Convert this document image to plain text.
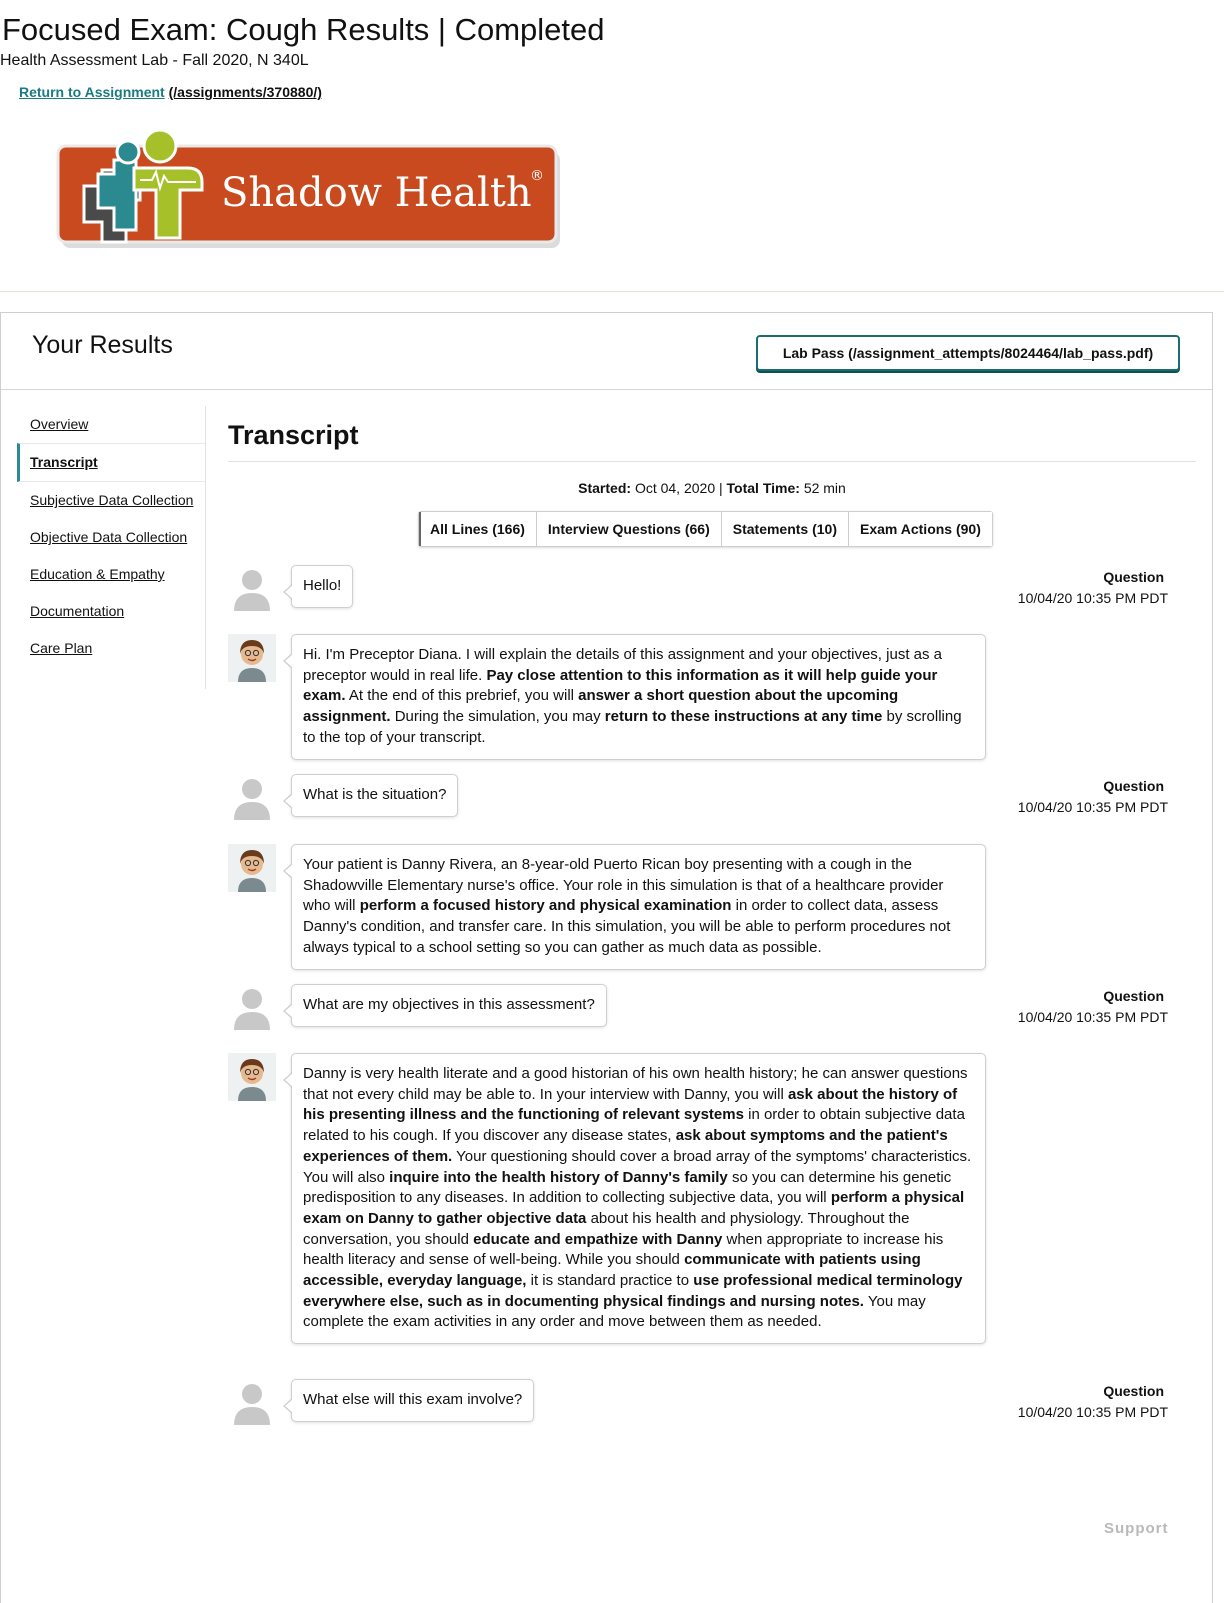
Focused Exam: Cough Results | Completed
Health Assessment Lab - Fall 2020, N 340L
Return to Assignment (/assignments/370880/)
Shadow Health
®
Your Results	Lab Pass (/assignment_attempts/8024464/lab_pass.pdf)
Overview
Transcript
Subjective Data Collection
Objective Data Collection
Education & Empathy
Documentation
Care Plan
Transcript
Started: Oct 04, 2020 | Total Time: 52 min
All Lines (166)	Interview Questions (66)	Statements (10)	Exam Actions (90)
Hello!	Question
10/04/20 10:35 PM PDT
Hi. I'm Preceptor Diana. I will explain the details of this assignment and your objectives, just as a preceptor would in real life. Pay close attention to this information as it will help guide your exam. At the end of this prebrief, you will answer a short question about the upcoming assignment. During the simulation, you may return to these instructions at any time by scrolling to the top of your transcript.
What is the situation?	Question
10/04/20 10:35 PM PDT
Your patient is Danny Rivera, an 8-year-old Puerto Rican boy presenting with a cough in the Shadowville Elementary nurse's office. Your role in this simulation is that of a healthcare provider who will perform a focused history and physical examination in order to collect data, assess Danny's condition, and transfer care. In this simulation, you will be able to perform procedures not always typical to a school setting so you can gather as much data as possible.
What are my objectives in this assessment?	Question
10/04/20 10:35 PM PDT
Danny is very health literate and a good historian of his own health history; he can answer questions that not every child may be able to. In your interview with Danny, you will ask about the history of his presenting illness and the functioning of relevant systems in order to obtain subjective data related to his cough. If you discover any disease states, ask about symptoms and the patient's experiences of them. Your questioning should cover a broad array of the symptoms' characteristics. You will also inquire into the health history of Danny's family so you can determine his genetic predisposition to any diseases. In addition to collecting subjective data, you will perform a physical exam on Danny to gather objective data about his health and physiology. Throughout the conversation, you should educate and empathize with Danny when appropriate to increase his health literacy and sense of well-being. While you should communicate with patients using accessible, everyday language, it is standard practice to use professional medical terminology everywhere else, such as in documenting physical findings and nursing notes. You may complete the exam activities in any order and move between them as needed.
What else will this exam involve?	Question
10/04/20 10:35 PM PDT
Support
